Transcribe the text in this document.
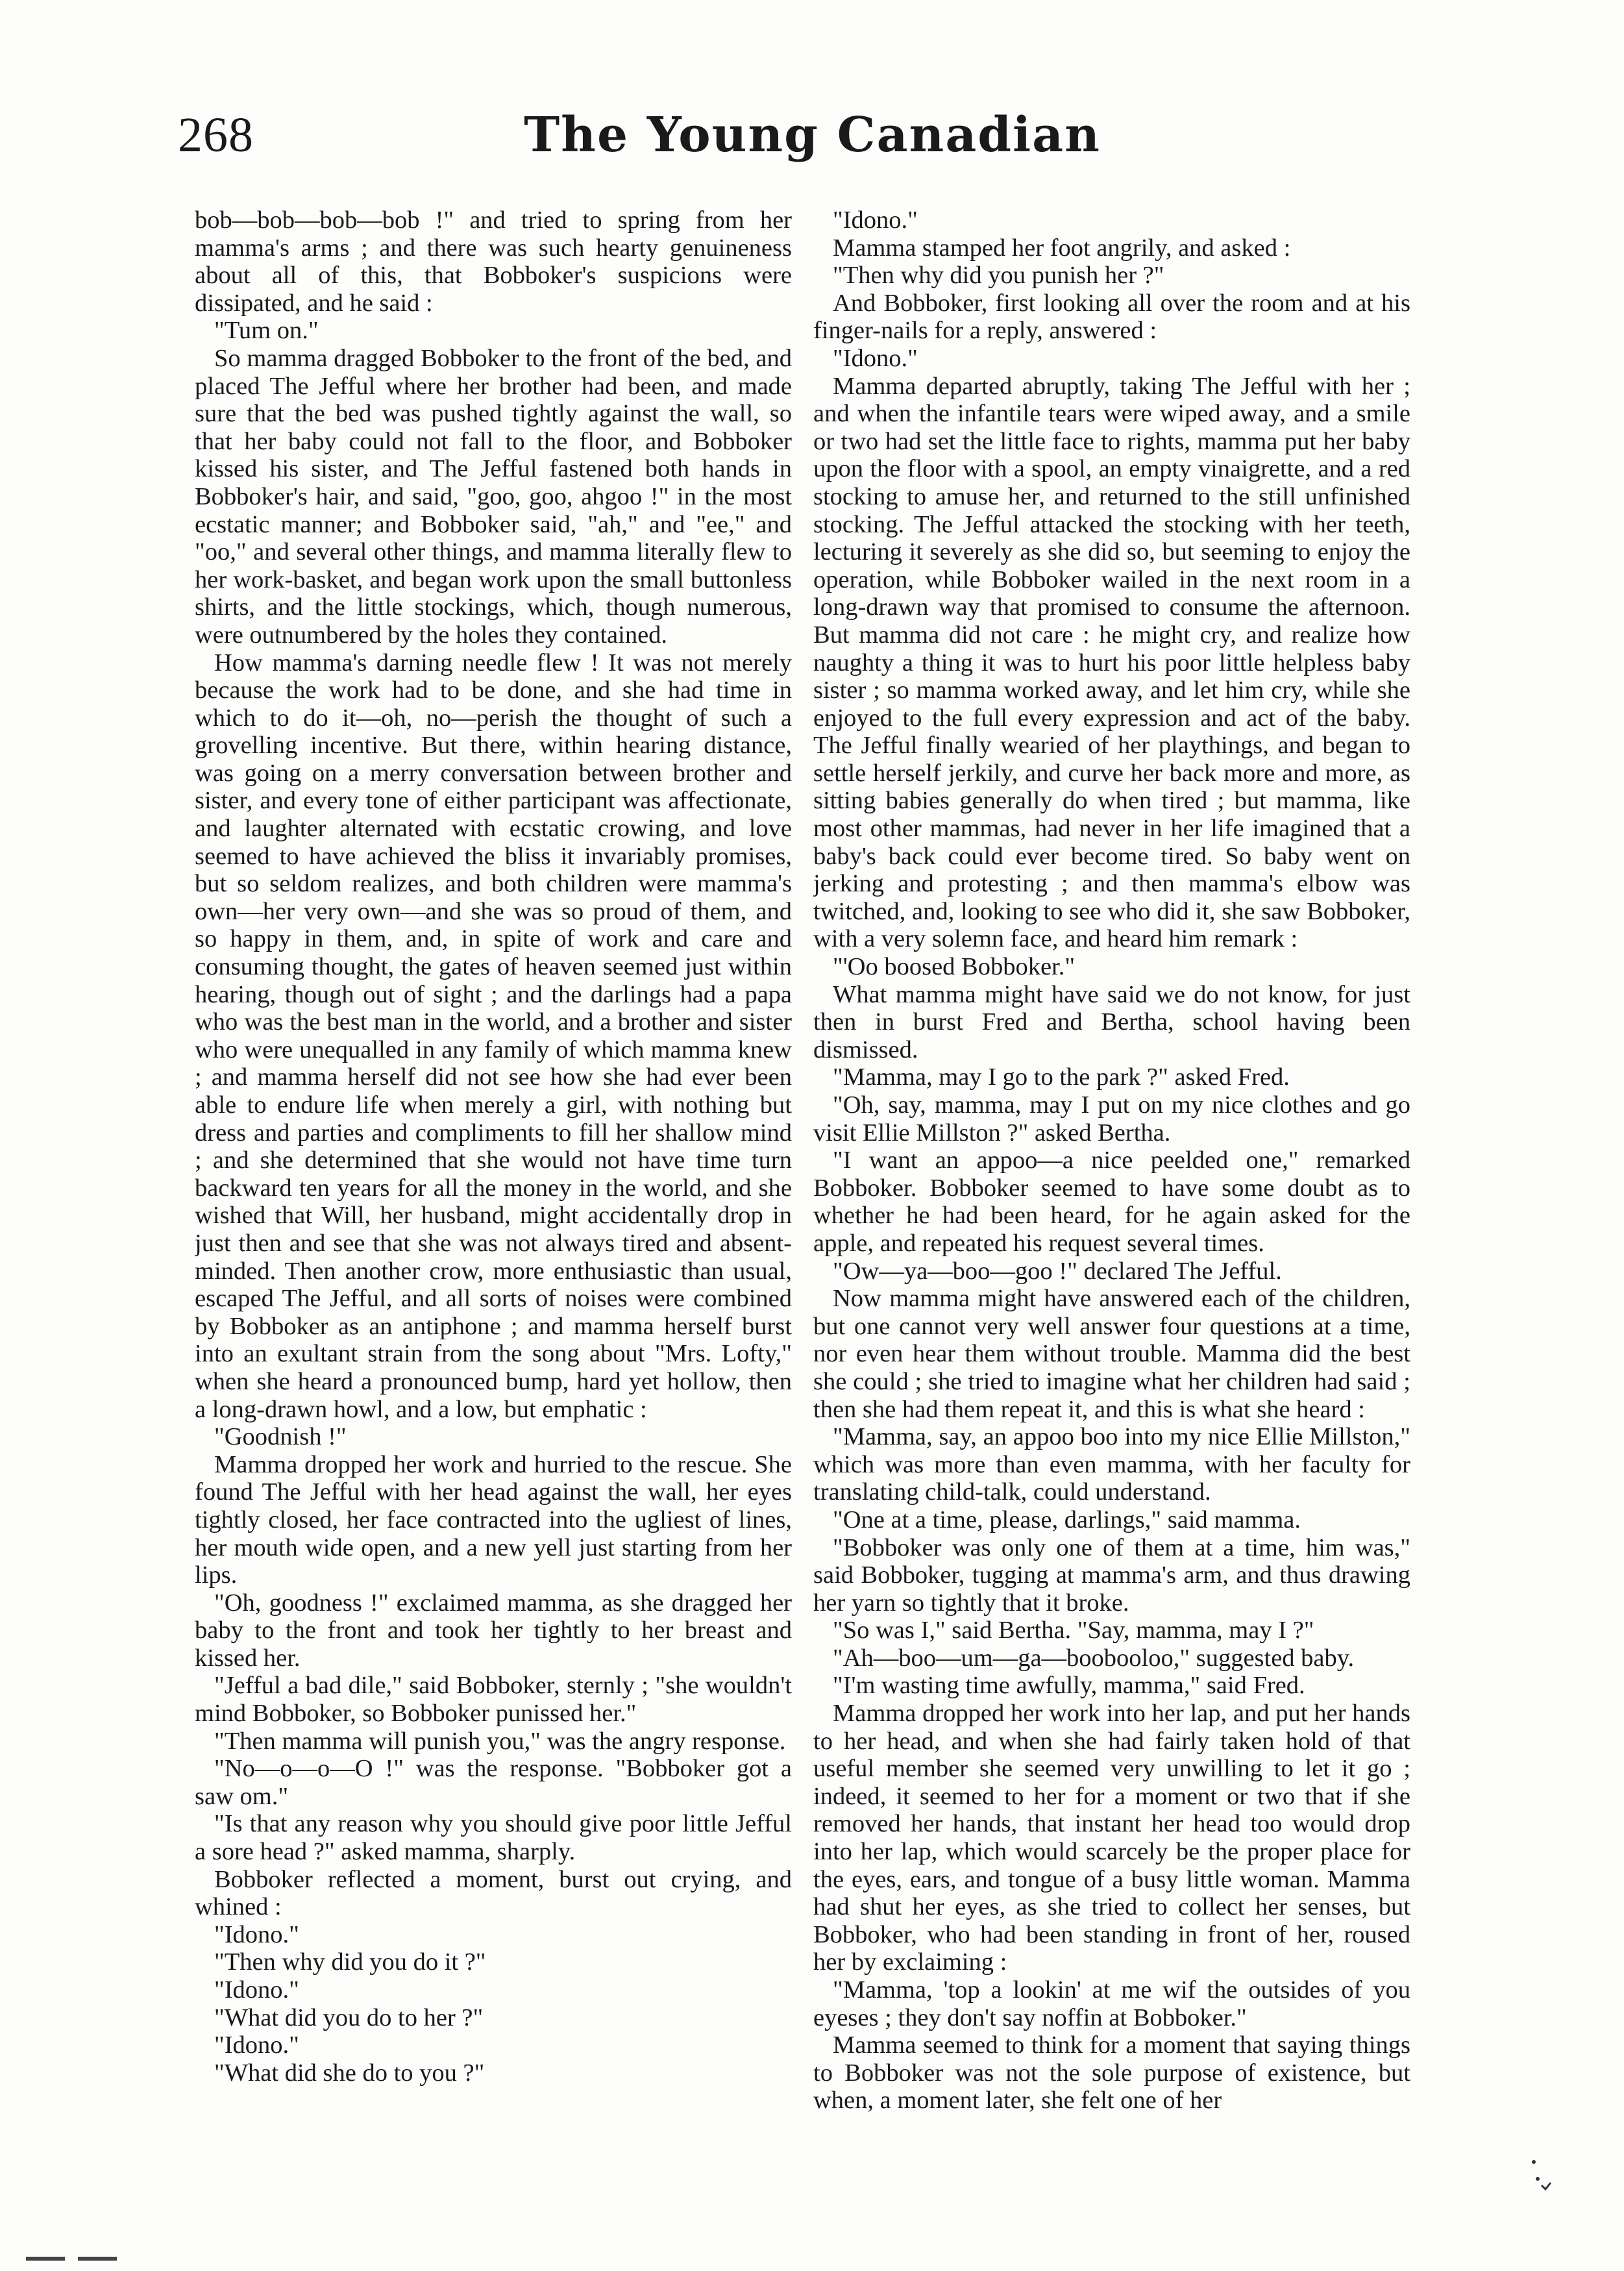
268	The Young Canadian

bob—bob—bob—bob !" and tried to spring from her mamma's arms ; and there was such hearty genuineness about all of this, that Bobboker's suspicions were dissipated, and he said :

"Tum on."

So mamma dragged Bobboker to the front of the bed, and placed The Jefful where her brother had been, and made sure that the bed was pushed tightly against the wall, so that her baby could not fall to the floor, and Bobboker kissed his sister, and The Jefful fastened both hands in Bobboker's hair, and said, "goo, goo, ahgoo !" in the most ecstatic manner; and Bobboker said, "ah," and "ee," and "oo," and several other things, and mamma literally flew to her work-basket, and began work upon the small buttonless shirts, and the little stockings, which, though numerous, were outnumbered by the holes they contained.

How mamma's darning needle flew ! It was not merely because the work had to be done, and she had time in which to do it—oh, no—perish the thought of such a grovelling incentive. But there, within hearing distance, was going on a merry conversation between brother and sister, and every tone of either participant was affectionate, and laughter alternated with ecstatic crowing, and love seemed to have achieved the bliss it invariably promises, but so seldom realizes, and both children were mamma's own—her very own—and she was so proud of them, and so happy in them, and, in spite of work and care and consuming thought, the gates of heaven seemed just within hearing, though out of sight ; and the darlings had a papa who was the best man in the world, and a brother and sister who were unequalled in any family of which mamma knew ; and mamma herself did not see how she had ever been able to endure life when merely a girl, with nothing but dress and parties and compliments to fill her shallow mind ; and she determined that she would not have time turn backward ten years for all the money in the world, and she wished that Will, her husband, might accidentally drop in just then and see that she was not always tired and absent-minded. Then another crow, more enthusiastic than usual, escaped The Jefful, and all sorts of noises were combined by Bobboker as an antiphone ; and mamma herself burst into an exultant strain from the song about "Mrs. Lofty," when she heard a pronounced bump, hard yet hollow, then a long-drawn howl, and a low, but emphatic :

"Goodnish !"

Mamma dropped her work and hurried to the rescue. She found The Jefful with her head against the wall, her eyes tightly closed, her face contracted into the ugliest of lines, her mouth wide open, and a new yell just starting from her lips.

"Oh, goodness !" exclaimed mamma, as she dragged her baby to the front and took her tightly to her breast and kissed her.

"Jefful a bad dile," said Bobboker, sternly ; "she wouldn't mind Bobboker, so Bobboker punissed her."

"Then mamma will punish you," was the angry response.

"No—o—o—O !" was the response. "Bobboker got a saw om."

"Is that any reason why you should give poor little Jefful a sore head ?" asked mamma, sharply.

Bobboker reflected a moment, burst out crying, and whined :

"Idono."

"Then why did you do it ?"

"Idono."

"What did you do to her ?"

"Idono."

"What did she do to you ?"

"Idono."

Mamma stamped her foot angrily, and asked :

"Then why did you punish her ?"

And Bobboker, first looking all over the room and at his finger-nails for a reply, answered :

"Idono."

Mamma departed abruptly, taking The Jefful with her ; and when the infantile tears were wiped away, and a smile or two had set the little face to rights, mamma put her baby upon the floor with a spool, an empty vinaigrette, and a red stocking to amuse her, and returned to the still unfinished stocking. The Jefful attacked the stocking with her teeth, lecturing it severely as she did so, but seeming to enjoy the operation, while Bobboker wailed in the next room in a long-drawn way that promised to consume the afternoon. But mamma did not care : he might cry, and realize how naughty a thing it was to hurt his poor little helpless baby sister ; so mamma worked away, and let him cry, while she enjoyed to the full every expression and act of the baby. The Jefful finally wearied of her playthings, and began to settle herself jerkily, and curve her back more and more, as sitting babies generally do when tired ; but mamma, like most other mammas, had never in her life imagined that a baby's back could ever become tired. So baby went on jerking and protesting ; and then mamma's elbow was twitched, and, looking to see who did it, she saw Bobboker, with a very solemn face, and heard him remark :

"'Oo boosed Bobboker."

What mamma might have said we do not know, for just then in burst Fred and Bertha, school having been dismissed.

"Mamma, may I go to the park ?" asked Fred.

"Oh, say, mamma, may I put on my nice clothes and go visit Ellie Millston ?" asked Bertha.

"I want an appoo—a nice peelded one," remarked Bobboker. Bobboker seemed to have some doubt as to whether he had been heard, for he again asked for the apple, and repeated his request several times.

"Ow—ya—boo—goo !" declared The Jefful.

Now mamma might have answered each of the children, but one cannot very well answer four questions at a time, nor even hear them without trouble. Mamma did the best she could ; she tried to imagine what her children had said ; then she had them repeat it, and this is what she heard :

"Mamma, say, an appoo boo into my nice Ellie Millston," which was more than even mamma, with her faculty for translating child-talk, could understand.

"One at a time, please, darlings," said mamma.

"Bobboker was only one of them at a time, him was," said Bobboker, tugging at mamma's arm, and thus drawing her yarn so tightly that it broke.

"So was I," said Bertha. "Say, mamma, may I ?"

"Ah—boo—um—ga—boobooloo," suggested baby.

"I'm wasting time awfully, mamma," said Fred.

Mamma dropped her work into her lap, and put her hands to her head, and when she had fairly taken hold of that useful member she seemed very unwilling to let it go ; indeed, it seemed to her for a moment or two that if she removed her hands, that instant her head too would drop into her lap, which would scarcely be the proper place for the eyes, ears, and tongue of a busy little woman. Mamma had shut her eyes, as she tried to collect her senses, but Bobboker, who had been standing in front of her, roused her by exclaiming :

"Mamma, 'top a lookin' at me wif the outsides of you eyeses ; they don't say noffin at Bobboker."

Mamma seemed to think for a moment that saying things to Bobboker was not the sole purpose of existence, but when, a moment later, she felt one of her
